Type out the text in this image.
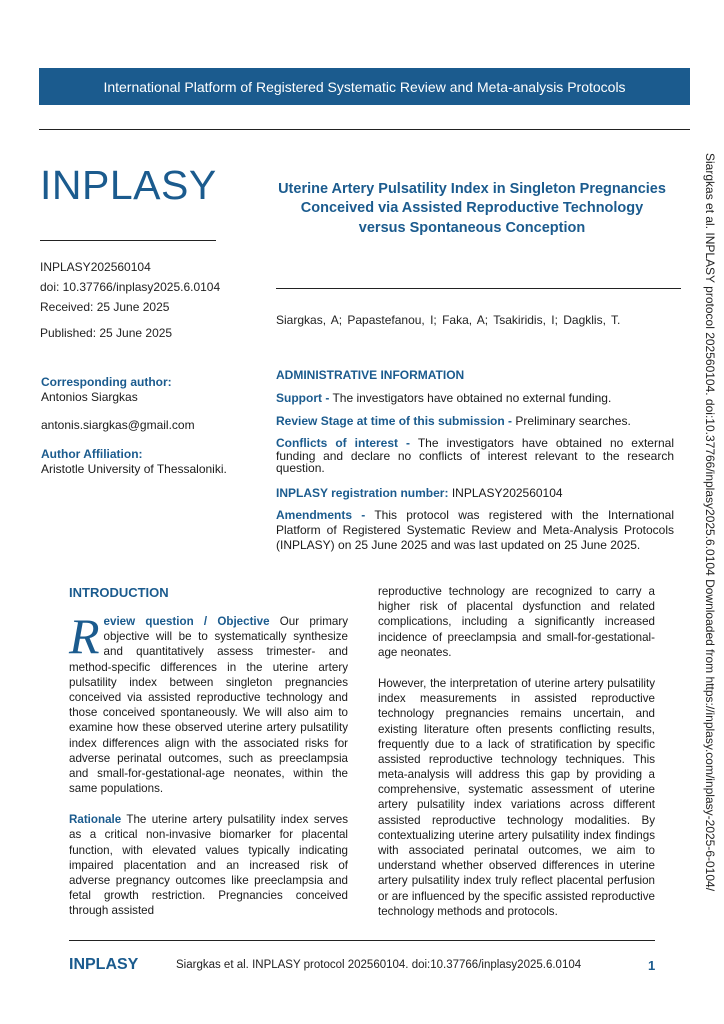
International Platform of Registered Systematic Review and Meta-analysis Protocols
INPLASY
INPLASY202560104
doi: 10.37766/inplasy2025.6.0104
Received: 25 June 2025
Published: 25 June 2025
Corresponding author:
Antonios Siargkas
antonis.siargkas@gmail.com
Author Affiliation:
Aristotle University of Thessaloniki.
Uterine Artery Pulsatility Index in Singleton Pregnancies Conceived via Assisted Reproductive Technology versus Spontaneous Conception
Siargkas, A; Papastefanou, I; Faka, A; Tsakiridis, I; Dagklis, T.
ADMINISTRATIVE INFORMATION
Support - The investigators have obtained no external funding.
Review Stage at time of this submission - Preliminary searches.
Conflicts of interest - The investigators have obtained no external funding and declare no conflicts of interest relevant to the research question.
INPLASY registration number: INPLASY202560104
Amendments - This protocol was registered with the International Platform of Registered Systematic Review and Meta-Analysis Protocols (INPLASY) on 25 June 2025 and was last updated on 25 June 2025.
INTRODUCTION

Review question / Objective Our primary objective will be to systematically synthesize and quantitatively assess trimester- and method-specific differences in the uterine artery pulsatility index between singleton pregnancies conceived via assisted reproductive technology and those conceived spontaneously. We will also aim to examine how these observed uterine artery pulsatility index differences align with the associated risks for adverse perinatal outcomes, such as preeclampsia and small-for-gestational-age neonates, within the same populations.

Rationale The uterine artery pulsatility index serves as a critical non-invasive biomarker for placental function, with elevated values typically indicating impaired placentation and an increased risk of adverse pregnancy outcomes like preeclampsia and fetal growth restriction. Pregnancies conceived through assisted

reproductive technology are recognized to carry a higher risk of placental dysfunction and related complications, including a significantly increased incidence of preeclampsia and small-for-gestational-age neonates.

However, the interpretation of uterine artery pulsatility index measurements in assisted reproductive technology pregnancies remains uncertain, and existing literature often presents conflicting results, frequently due to a lack of stratification by specific assisted reproductive technology techniques. This meta-analysis will address this gap by providing a comprehensive, systematic assessment of uterine artery pulsatility index variations across different assisted reproductive technology modalities. By contextualizing uterine artery pulsatility index findings with associated perinatal outcomes, we aim to understand whether observed differences in uterine artery pulsatility index truly reflect placental perfusion or are influenced by the specific assisted reproductive technology methods and protocols.

Siargkas et al. INPLASY protocol 202560104. doi:10.37766/inplasy2025.6.0104 Downloaded from https://inplasy.com/inplasy-2025-6-0104/
INPLASY	Siargkas et al. INPLASY protocol 202560104. doi:10.37766/inplasy2025.6.0104	1
